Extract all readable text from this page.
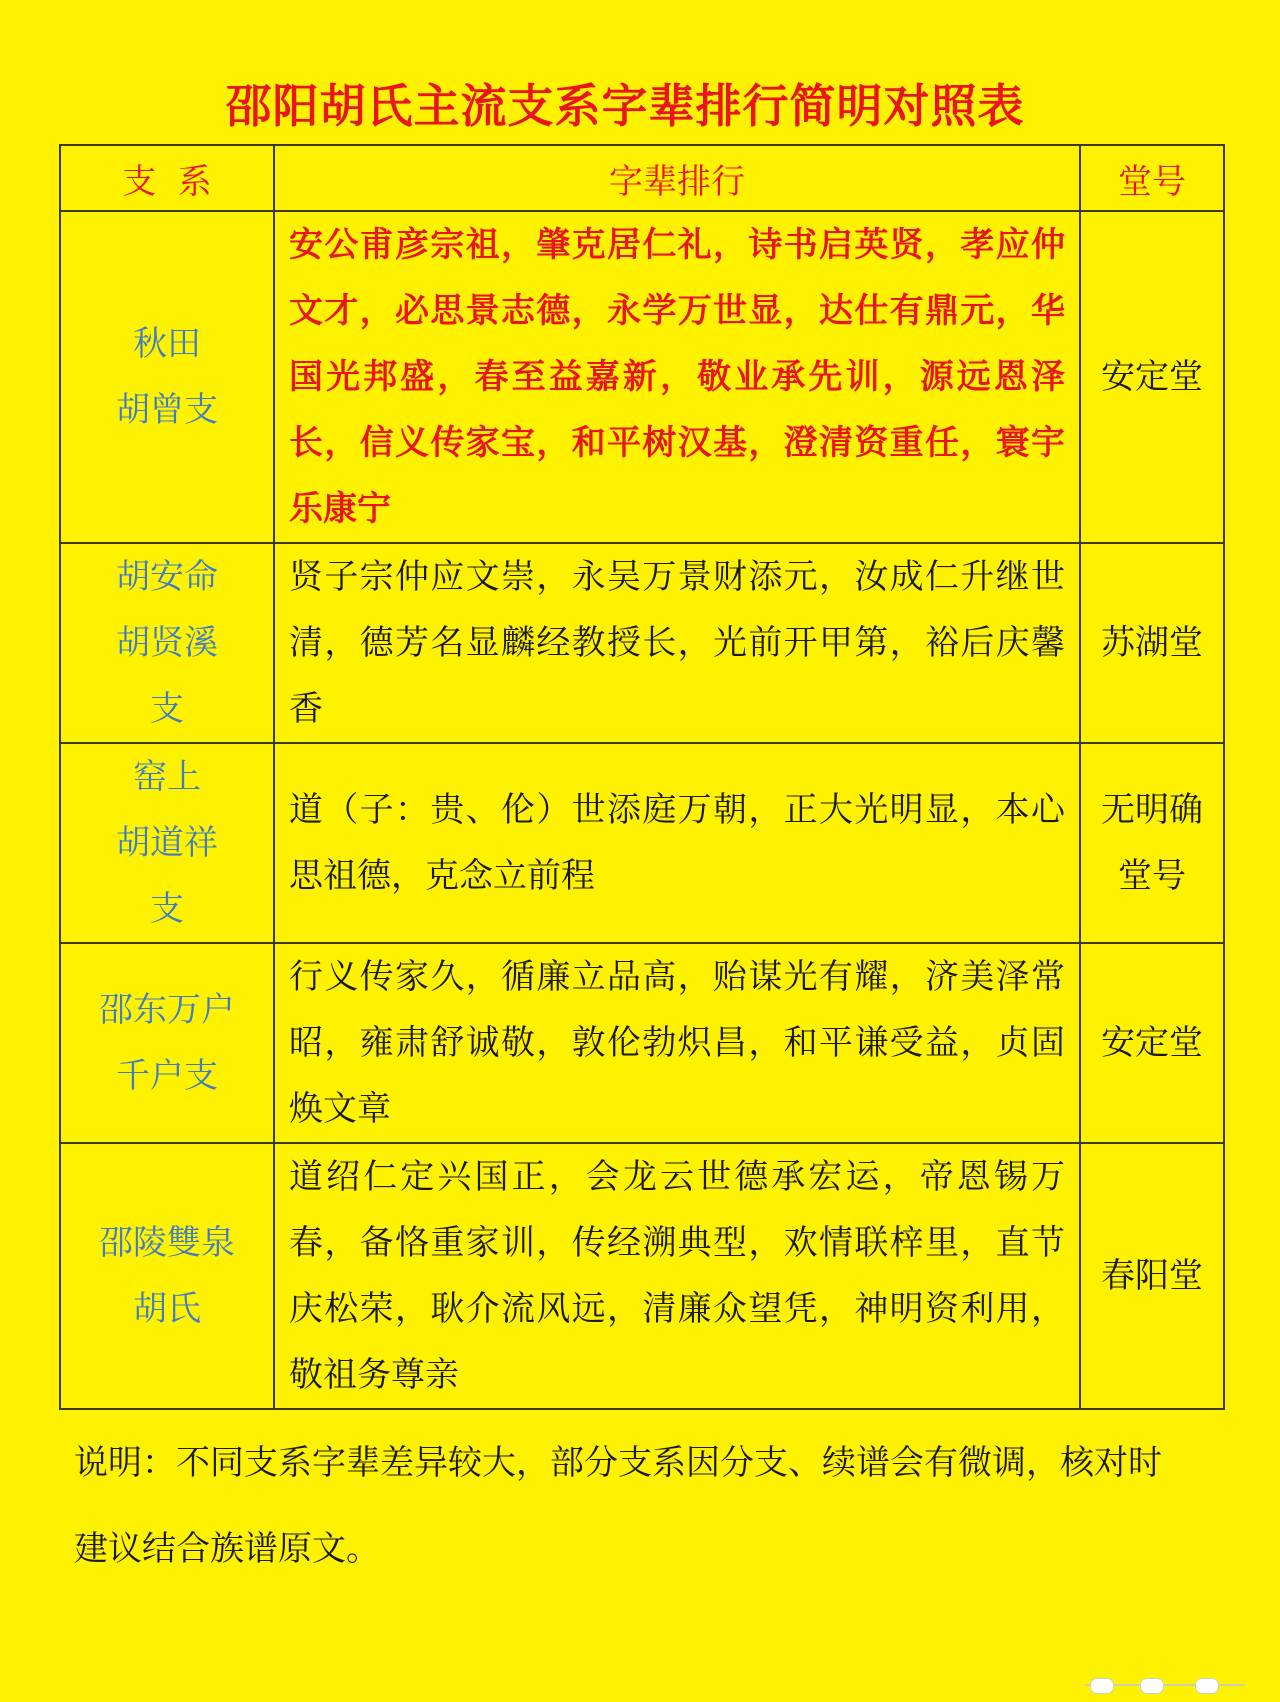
邵阳胡氏主流支系字辈排行简明对照表
支  系	字辈排行	堂号

秋田
胡曾支	安公甫彦宗祖，肇克居仁礼，诗书启英贤，孝应仲文才，必思景志德，永学万世显，达仕有鼎元，华国光邦盛，春至益嘉新，敬业承先训，源远恩泽长，信义传家宝，和平树汉基，澄清资重任，寰宇乐康宁	安定堂

胡安命
胡贤溪
支	贤子宗仲应文崇，永吴万景财添元，汝成仁升继世清，德芳名显麟经教授长，光前开甲第，裕后庆馨香	苏湖堂

窑上
胡道祥
支	道（子：贵、伦）世添庭万朝，正大光明显，本心思祖德，克念立前程	无明确
堂号

邵东万户
千户支	行义传家久，循廉立品高，贻谋光有耀，济美泽常昭，雍肃舒诚敬，敦伦勃炽昌，和平谦受益，贞固焕文章	安定堂

邵陵雙泉
胡氏	道绍仁定兴国正，会龙云世德承宏运，帝恩锡万春，备恪重家训，传经溯典型，欢情联梓里，直节庆松荣，耿介流风远，清廉众望凭，神明资利用，敬祖务尊亲	春阳堂
说明：不同支系字辈差异较大，部分支系因分支、续谱会有微调，核对时建议结合族谱原文。
